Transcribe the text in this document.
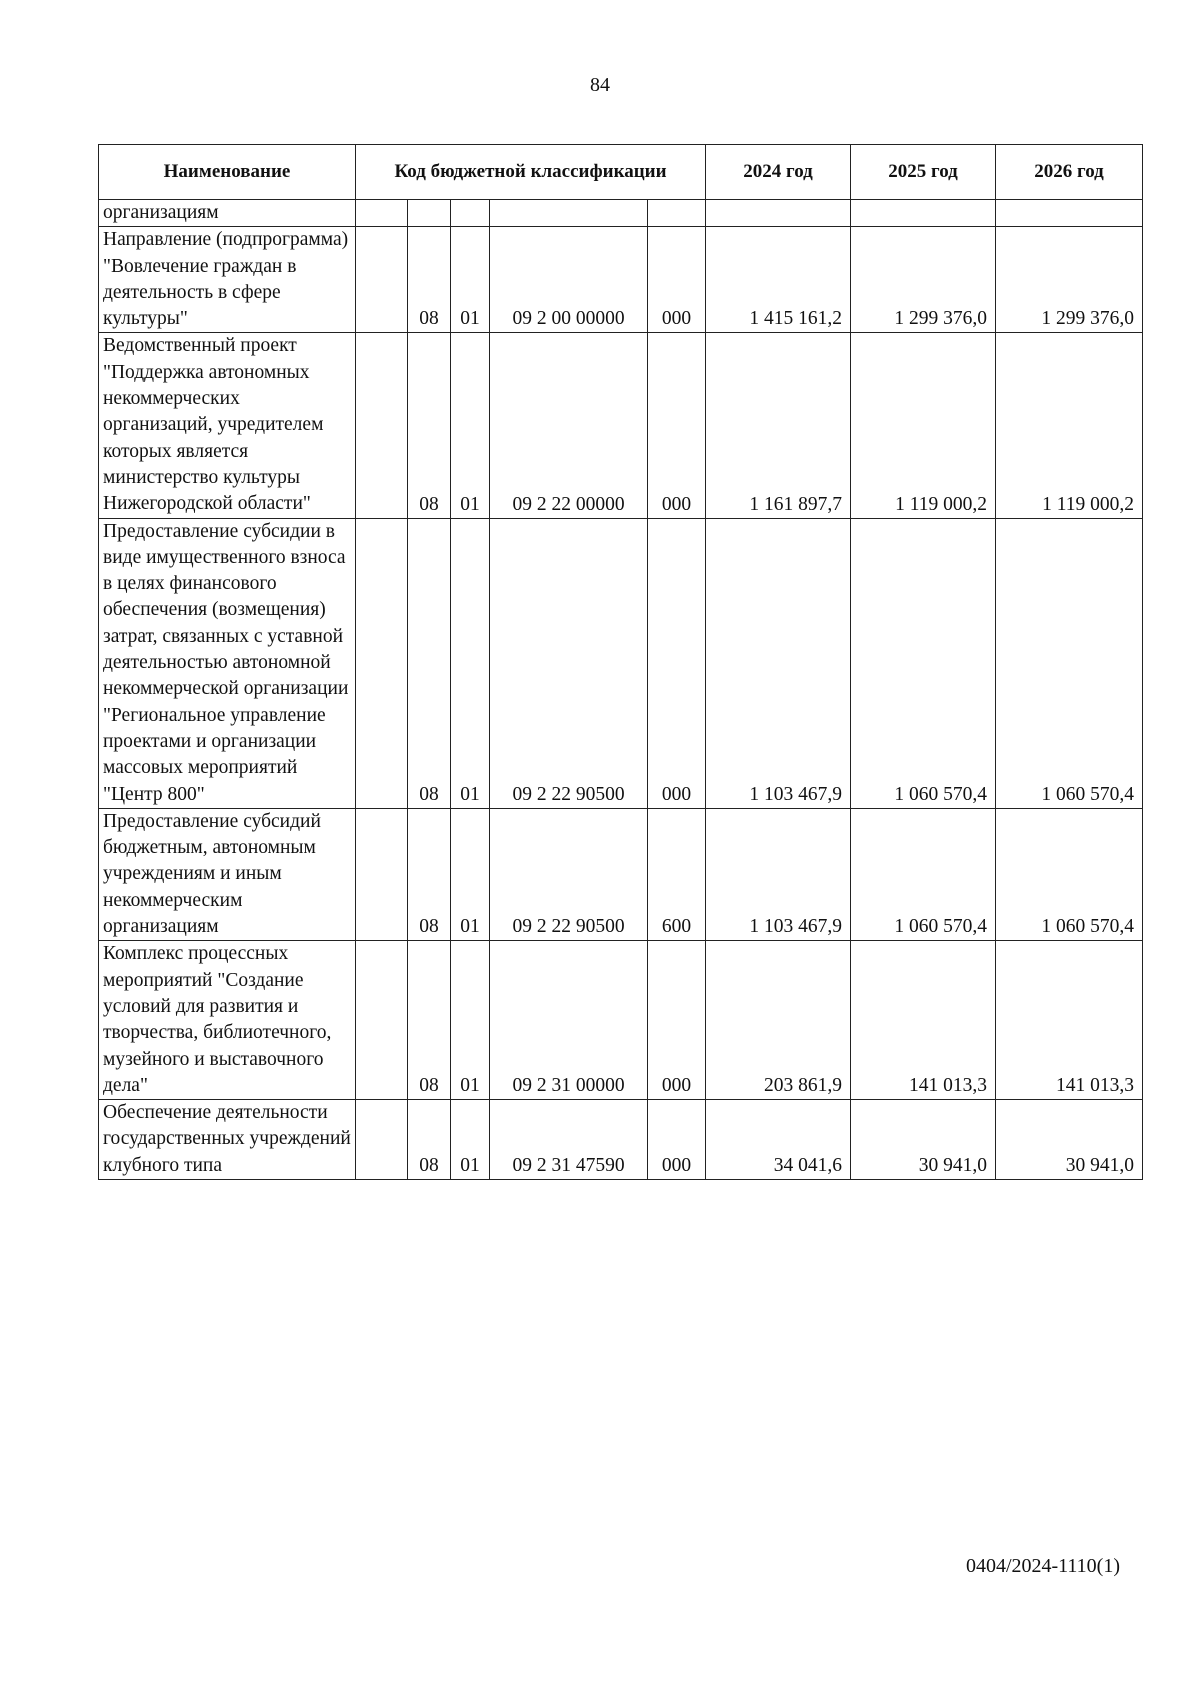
84
Наименование	Код бюджетной классификации					2024 год	2025 год	2026 год
организациям								
Направление (подпрограмма) "Вовлечение граждан в деятельность в сфере культуры"		08	01	09 2 00 00000	000	1 415 161,2	1 299 376,0	1 299 376,0
Ведомственный проект "Поддержка автономных некоммерческих организаций, учредителем которых является министерство культуры Нижегородской области"		08	01	09 2 22 00000	000	1 161 897,7	1 119 000,2	1 119 000,2
Предоставление субсидии в виде имущественного взноса в целях финансового обеспечения (возмещения) затрат, связанных с уставной деятельностью автономной некоммерческой организации "Региональное управление проектами и организации массовых мероприятий "Центр 800"		08	01	09 2 22 90500	000	1 103 467,9	1 060 570,4	1 060 570,4
Предоставление субсидий бюджетным, автономным учреждениям и иным некоммерческим организациям		08	01	09 2 22 90500	600	1 103 467,9	1 060 570,4	1 060 570,4
Комплекс процессных мероприятий "Создание условий для развития и творчества, библиотечного, музейного и выставочного дела"		08	01	09 2 31 00000	000	203 861,9	141 013,3	141 013,3
Обеспечение деятельности государственных учреждений клубного типа		08	01	09 2 31 47590	000	34 041,6	30 941,0	30 941,0
0404/2024-1110(1)
